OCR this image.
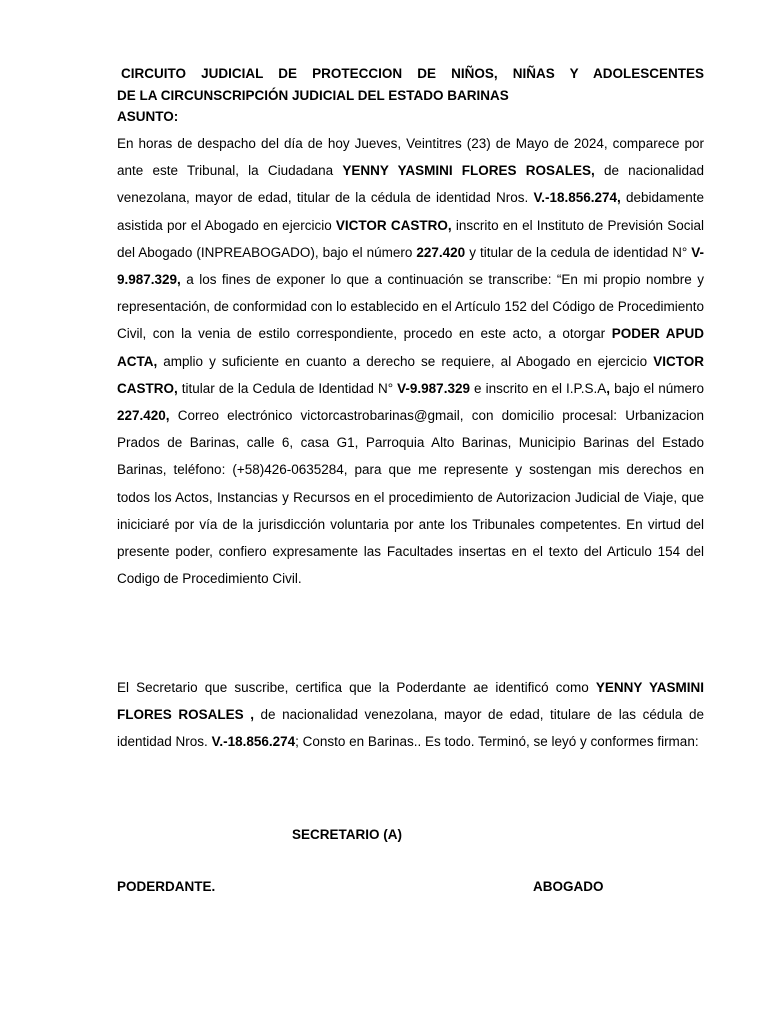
CIRCUITO JUDICIAL DE PROTECCION DE NIÑOS, NIÑAS Y ADOLESCENTES
DE LA CIRCUNSCRIPCIÓN JUDICIAL DEL ESTADO BARINAS
ASUNTO:
En horas de despacho del día de hoy Jueves, Veintitres (23) de Mayo de 2024, comparece por ante este Tribunal, la Ciudadana YENNY YASMINI FLORES ROSALES, de nacionalidad venezolana, mayor de edad, titular de la cédula de identidad Nros. V.-18.856.274, debidamente asistida por el Abogado en ejercicio VICTOR CASTRO, inscrito en el Instituto de Previsión Social del Abogado (INPREABOGADO), bajo el número 227.420 y titular de la cedula de identidad N° V-9.987.329, a los fines de exponer lo que a continuación se transcribe: “En mi propio nombre y representación, de conformidad con lo establecido en el Artículo 152 del Código de Procedimiento Civil, con la venia de estilo correspondiente, procedo en este acto, a otorgar PODER APUD ACTA, amplio y suficiente en cuanto a derecho se requiere, al Abogado en ejercicio VICTOR CASTRO, titular de la Cedula de Identidad N° V-9.987.329 e inscrito en el I.P.S.A, bajo el número 227.420, Correo electrónico victorcastrobarinas@gmail, con domicilio procesal: Urbanizacion Prados de Barinas, calle 6, casa G1, Parroquia Alto Barinas, Municipio Barinas del Estado Barinas, teléfono: (+58)426-0635284, para que me represente y sostengan mis derechos en todos los Actos, Instancias y Recursos en el procedimiento de Autorizacion Judicial de Viaje, que iniciciaré por vía de la jurisdicción voluntaria por ante los Tribunales competentes. En virtud del presente poder, confiero expresamente las Facultades insertas en el texto del Articulo 154 del Codigo de Procedimiento Civil.
El Secretario que suscribe, certifica que la Poderdante ae identificó como YENNY YASMINI FLORES ROSALES , de nacionalidad venezolana, mayor de edad, titulare de las cédula de identidad Nros. V.-18.856.274; Consto en Barinas.. Es todo. Terminó, se leyó y conformes firman:
SECRETARIO (A)
PODERDANTE.	ABOGADO
